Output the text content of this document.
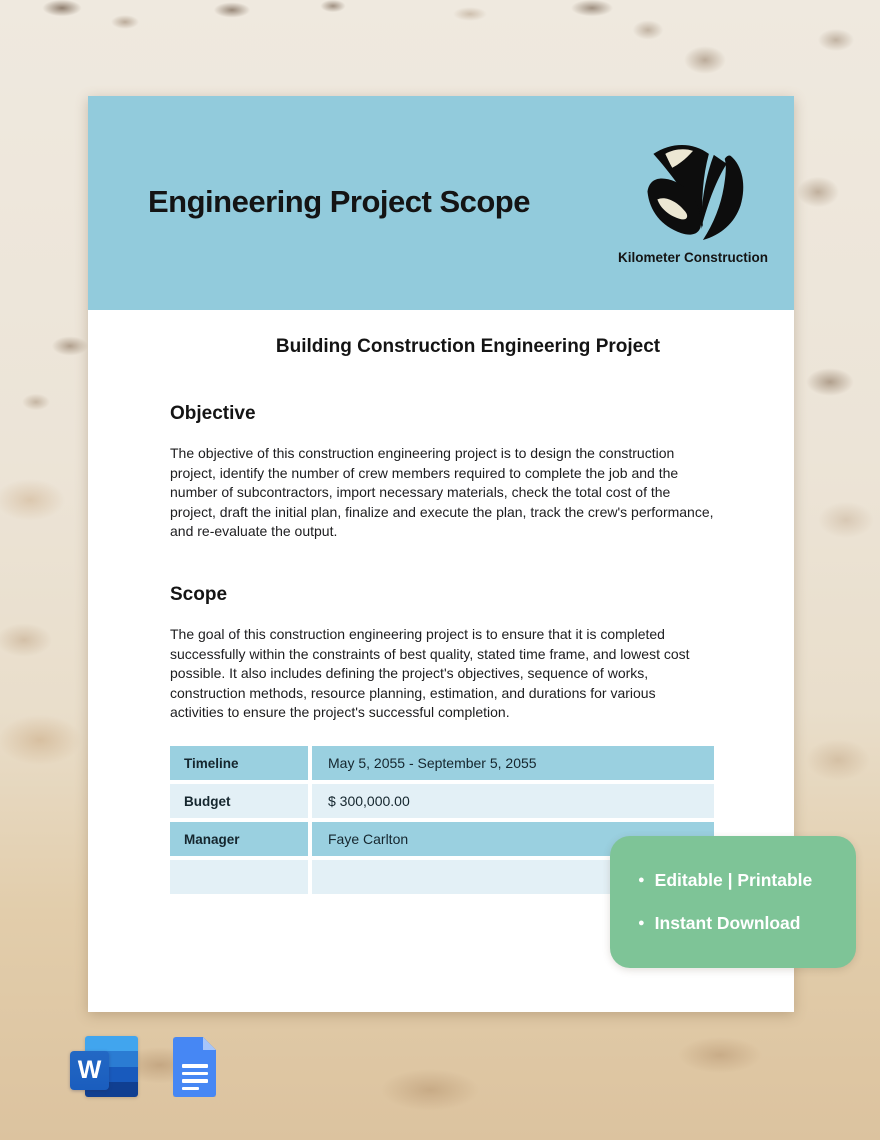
Engineering Project Scope
Kilometer Construction
Building Construction Engineering Project
Objective
The objective of this construction engineering project is to design the construction project, identify the number of crew members required to complete the job and the number of subcontractors, import necessary materials, check the total cost of the project, draft the initial plan, finalize and execute the plan, track the crew's performance, and re-evaluate the output.
Scope
The goal of this construction engineering project is to ensure that it is completed successfully within the constraints of best quality, stated time frame, and lowest cost possible. It also includes defining the project's objectives, sequence of works, construction methods, resource planning, estimation, and durations for various activities to ensure the project's successful completion.
Timeline	May 5, 2055 - September 5, 2055
Budget	$ 300,000.00
Manager	Faye Carlton
● Editable | Printable
● Instant Download
W
